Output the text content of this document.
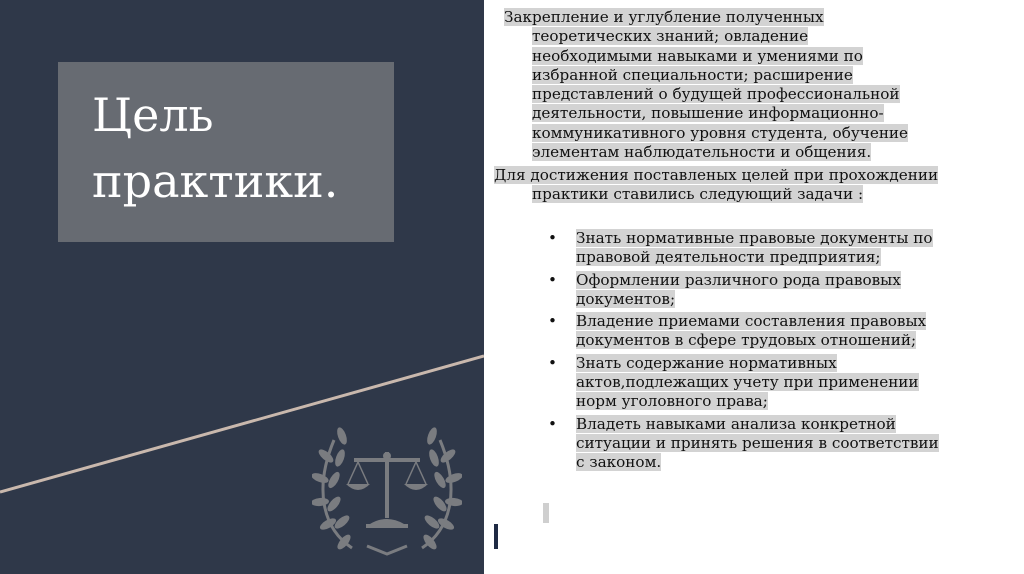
Цель практики.

Закрепление и углубление полученных теоретических знаний; овладение необходимыми навыками и умениями по избранной специальности; расширение представлений о будущей профессиональной деятельности, повышение информационно-коммуникативного уровня студента, обучение элементам наблюдательности и общения.

Для достижения поставленых целей при прохождении практики ставились следующий задачи :

• Знать нормативные правовые документы по правовой деятельности предприятия;
• Оформлении различного рода правовых документов;
• Владение приемами составления правовых документов в сфере трудовых отношений;
• Знать содержание нормативных актов,подлежащих учету при применении норм уголовного права;
• Владеть навыками анализа конкретной ситуации и принять решения в соответствии с законом.
